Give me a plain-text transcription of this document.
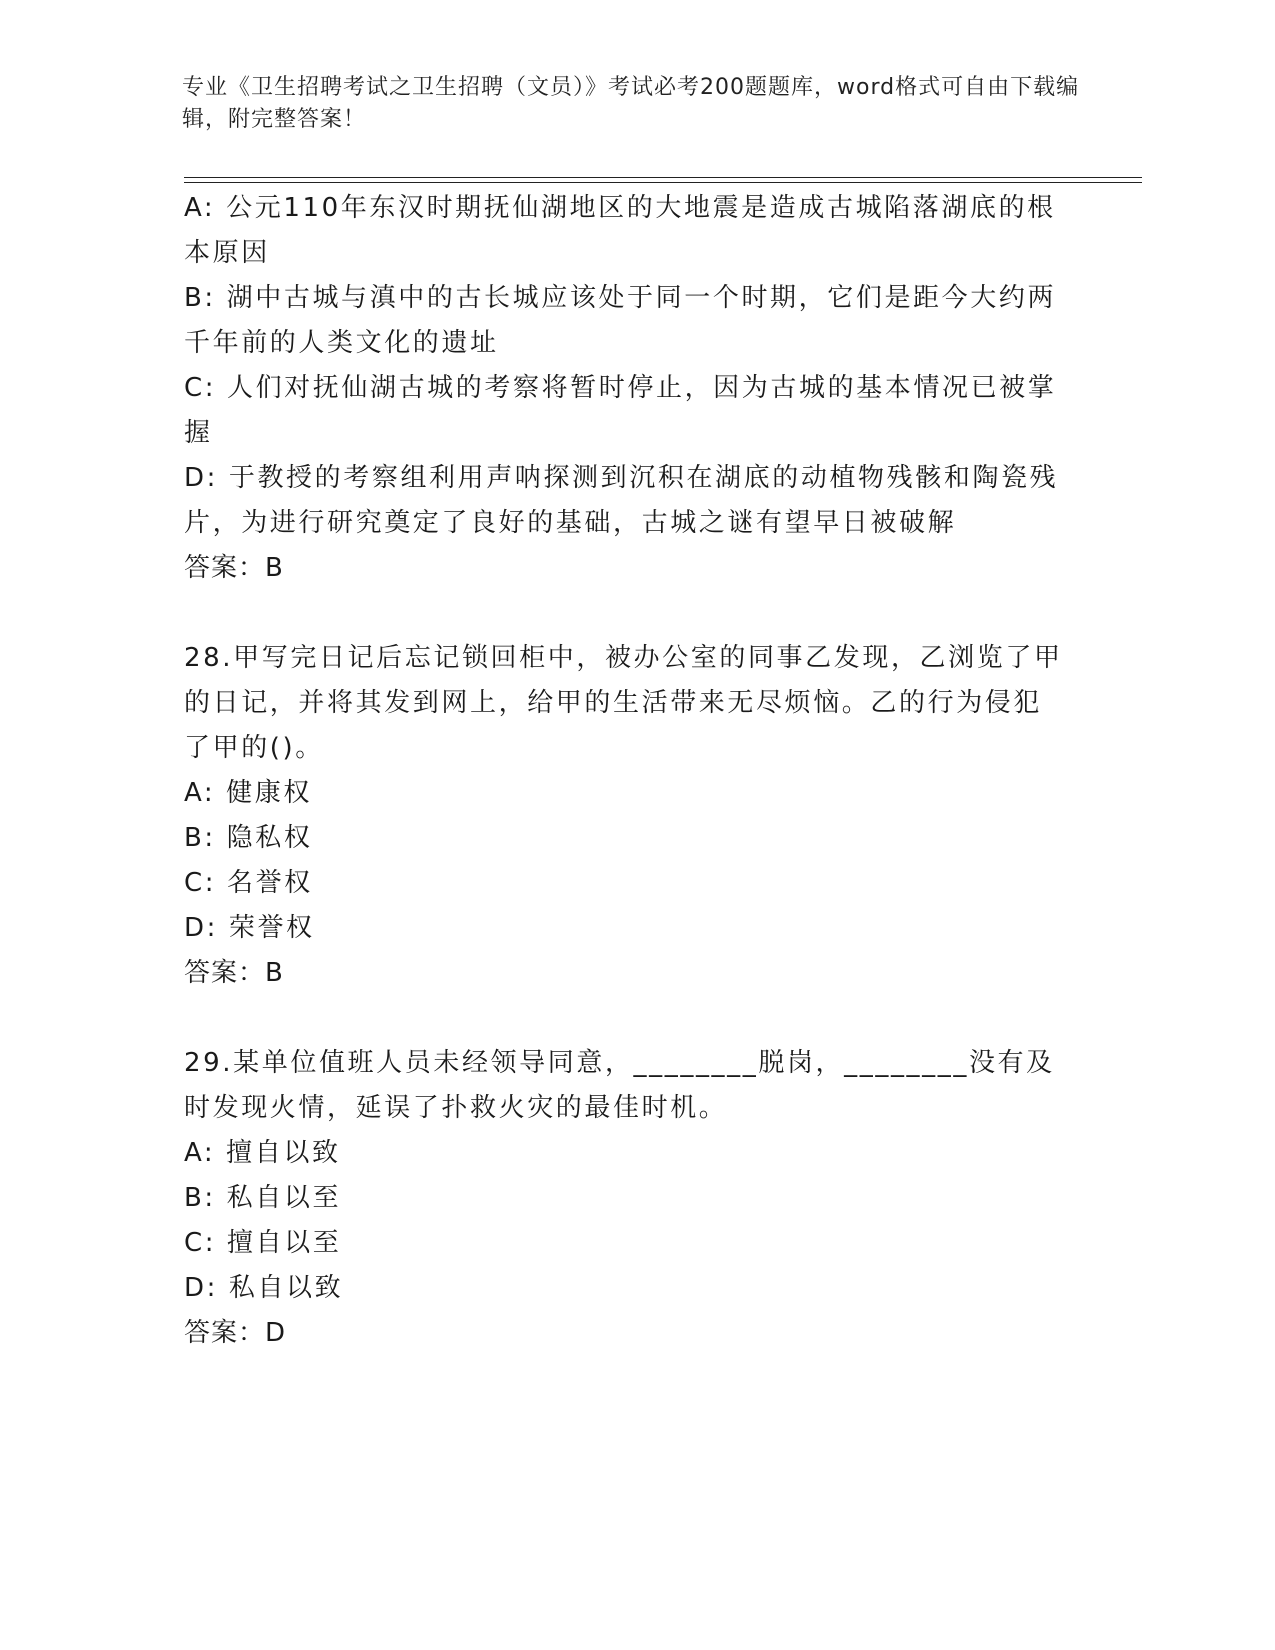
专业《卫生招聘考试之卫生招聘（文员）》考试必考200题题库，word格式可自由下载编辑，附完整答案！
A: 公元110年东汉时期抚仙湖地区的大地震是造成古城陷落湖底的根本原因
B: 湖中古城与滇中的古长城应该处于同一个时期，它们是距今大约两千年前的人类文化的遗址
C: 人们对抚仙湖古城的考察将暂时停止，因为古城的基本情况已被掌握
D: 于教授的考察组利用声呐探测到沉积在湖底的动植物残骸和陶瓷残片，为进行研究奠定了良好的基础，古城之谜有望早日被破解
答案：B
28.甲写完日记后忘记锁回柜中，被办公室的同事乙发现，乙浏览了甲的日记，并将其发到网上，给甲的生活带来无尽烦恼。乙的行为侵犯了甲的()。
A: 健康权
B: 隐私权
C: 名誉权
D: 荣誉权
答案：B
29.某单位值班人员未经领导同意，________脱岗，________没有及时发现火情，延误了扑救火灾的最佳时机。
A: 擅自以致
B: 私自以至
C: 擅自以至
D: 私自以致
答案：D
